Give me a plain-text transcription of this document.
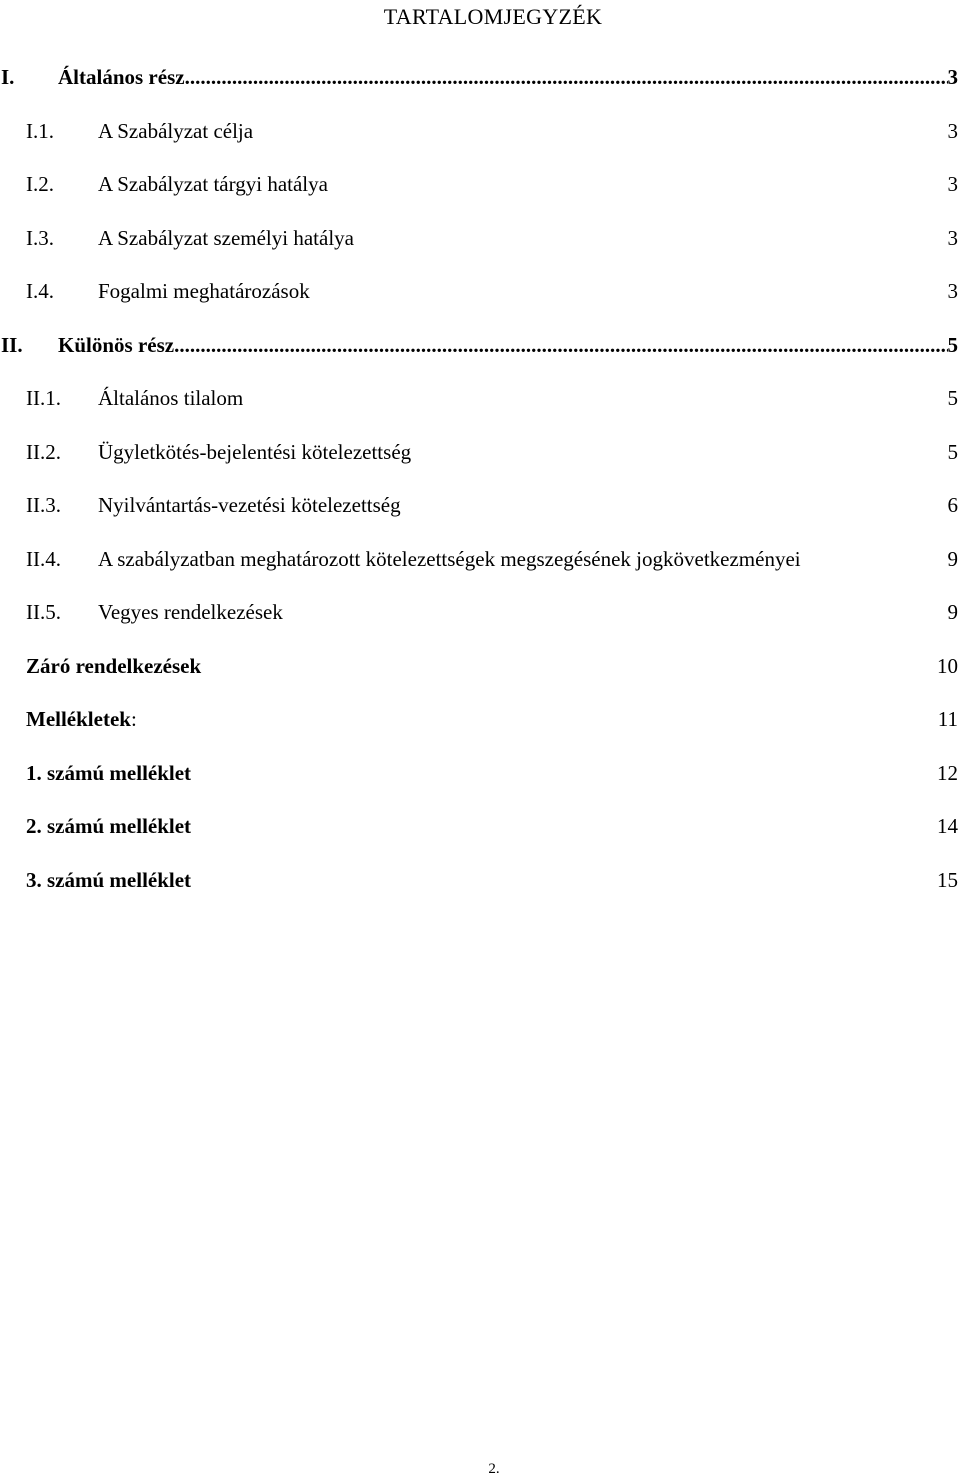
TARTALOMJEGYZÉK
I. Általános rész .....	3
I.1. A Szabályzat célja	3
I.2. A Szabályzat tárgyi hatálya	3
I.3. A Szabályzat személyi hatálya	3
I.4. Fogalmi meghatározások	3
II. Különös rész .....	5
II.1. Általános tilalom	5
II.2. Ügyletkötés-bejelentési kötelezettség	5
II.3. Nyilvántartás-vezetési kötelezettség	6
II.4. A szabályzatban meghatározott kötelezettségek megszegésének jogkövetkezményei	9
II.5. Vegyes rendelkezések	9
Záró rendelkezések	10
Mellékletek:	11
1. számú melléklet	12
2. számú melléklet	14
3. számú melléklet	15
2.
